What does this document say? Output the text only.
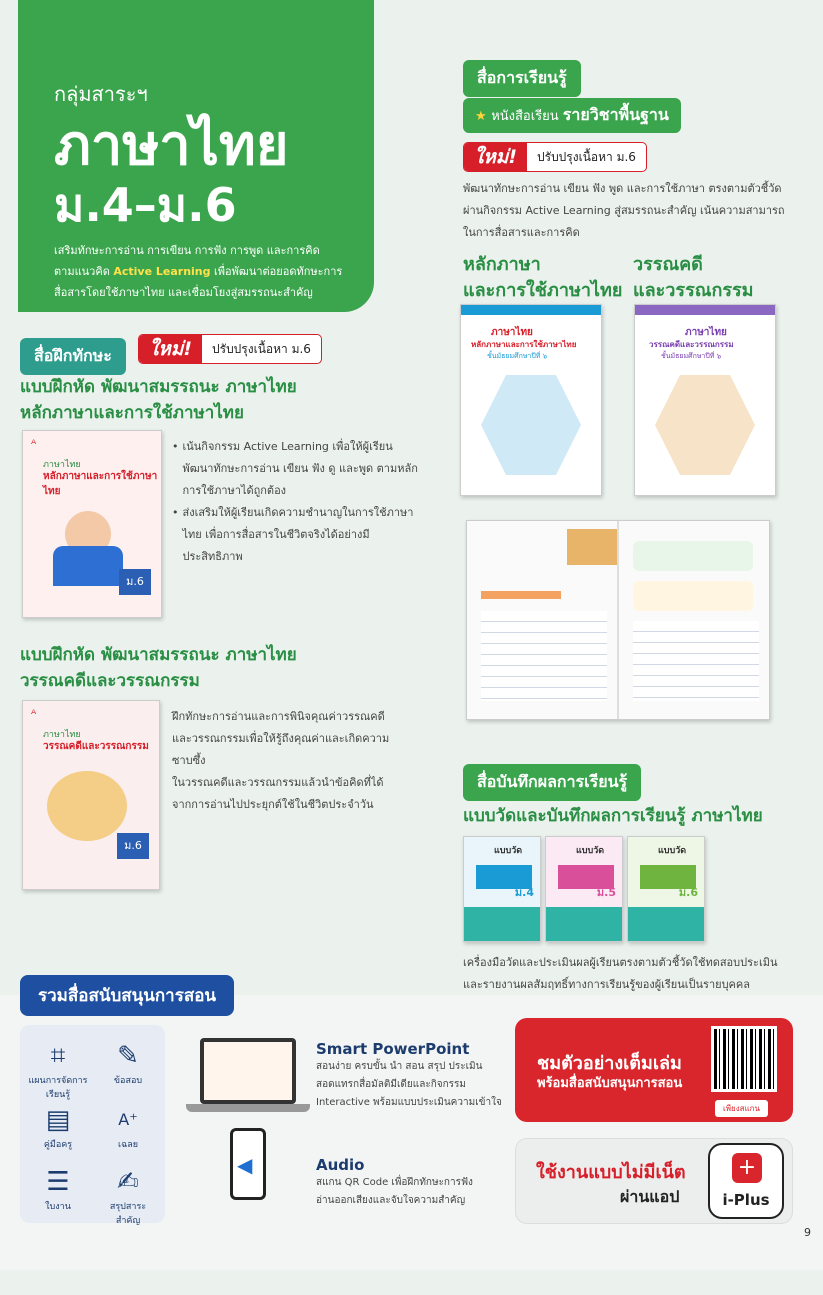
กลุ่มสาระฯ
ภาษาไทย
ม.4–ม.6
เสริมทักษะการอ่าน การเขียน การฟัง การพูด และการคิด
ตามแนวคิด Active Learning เพื่อพัฒนาต่อยอดทักษะการ
สื่อสารโดยใช้ภาษาไทย และเชื่อมโยงสู่สมรรถนะสำคัญ
สื่อฝึกทักษะ	ใหม่!	ปรับปรุงเนื้อหา ม.6
แบบฝึกหัด พัฒนาสมรรถนะ ภาษาไทย
หลักภาษาและการใช้ภาษาไทย
ᴬ
ภาษาไทย
หลักภาษาและการใช้ภาษาไทย
ม.6
• เน้นกิจกรรม Active Learning เพื่อให้ผู้เรียน พัฒนาทักษะการอ่าน เขียน ฟัง ดู และพูด ตามหลักการใช้ภาษาได้ถูกต้อง
• ส่งเสริมให้ผู้เรียนเกิดความชำนาญในการใช้ภาษาไทย เพื่อการสื่อสารในชีวิตจริงได้อย่างมีประสิทธิภาพ
แบบฝึกหัด พัฒนาสมรรถนะ ภาษาไทย
วรรณคดีและวรรณกรรม
ᴬ
ภาษาไทย
วรรณคดีและวรรณกรรม
ม.6
ฝึกทักษะการอ่านและการพินิจคุณค่าวรรณคดี
และวรรณกรรมเพื่อให้รู้ถึงคุณค่าและเกิดความซาบซึ้ง
ในวรรณคดีและวรรณกรรมแล้วนำข้อคิดที่ได้
จากการอ่านไปประยุกต์ใช้ในชีวิตประจำวัน
สื่อการเรียนรู้
★ หนังสือเรียน รายวิชาพื้นฐาน
ใหม่!	ปรับปรุงเนื้อหา ม.6
พัฒนาทักษะการอ่าน เขียน ฟัง พูด และการใช้ภาษา ตรงตามตัวชี้วัด
ผ่านกิจกรรม Active Learning สู่สมรรถนะสำคัญ เน้นความสามารถ
ในการสื่อสารและการคิด
หลักภาษา
และการใช้ภาษาไทย
วรรณคดี
และวรรณกรรม
ภาษาไทย
หลักภาษาและการใช้ภาษาไทย
ชั้นมัธยมศึกษาปีที่ ๖
ภาษาไทย
วรรณคดีและวรรณกรรม
ชั้นมัธยมศึกษาปีที่ ๖
สื่อบันทึกผลการเรียนรู้
แบบวัดและบันทึกผลการเรียนรู้ ภาษาไทย
แบบวัด
ม.4
แบบวัด
ม.5
แบบวัด
ม.6
เครื่องมือวัดและประเมินผลผู้เรียนตรงตามตัวชี้วัดใช้ทดสอบประเมิน
และรายงานผลสัมฤทธิ์ทางการเรียนรู้ของผู้เรียนเป็นรายบุคคล
รวมสื่อสนับสนุนการสอน
⌗
แผนการจัดการเรียนรู้
✎
ข้อสอบ
▤
คู่มือครู
A⁺
เฉลย
☰
ใบงาน
✍
สรุปสาระสำคัญ
Smart PowerPoint
สอนง่าย ครบขั้น นำ สอน สรุป ประเมิน
สอดแทรกสื่อมัลติมีเดียและกิจกรรม
Interactive พร้อมแบบประเมินความเข้าใจ
◀	Audio
สแกน QR Code เพื่อฝึกทักษะการฟัง
อ่านออกเสียงและจับใจความสำคัญ
ชมตัวอย่างเต็มเล่ม
พร้อมสื่อสนับสนุนการสอน
เพียงสแกน
ใช้งานแบบไม่มีเน็ต
ผ่านแอป
+
i-Plus
9
